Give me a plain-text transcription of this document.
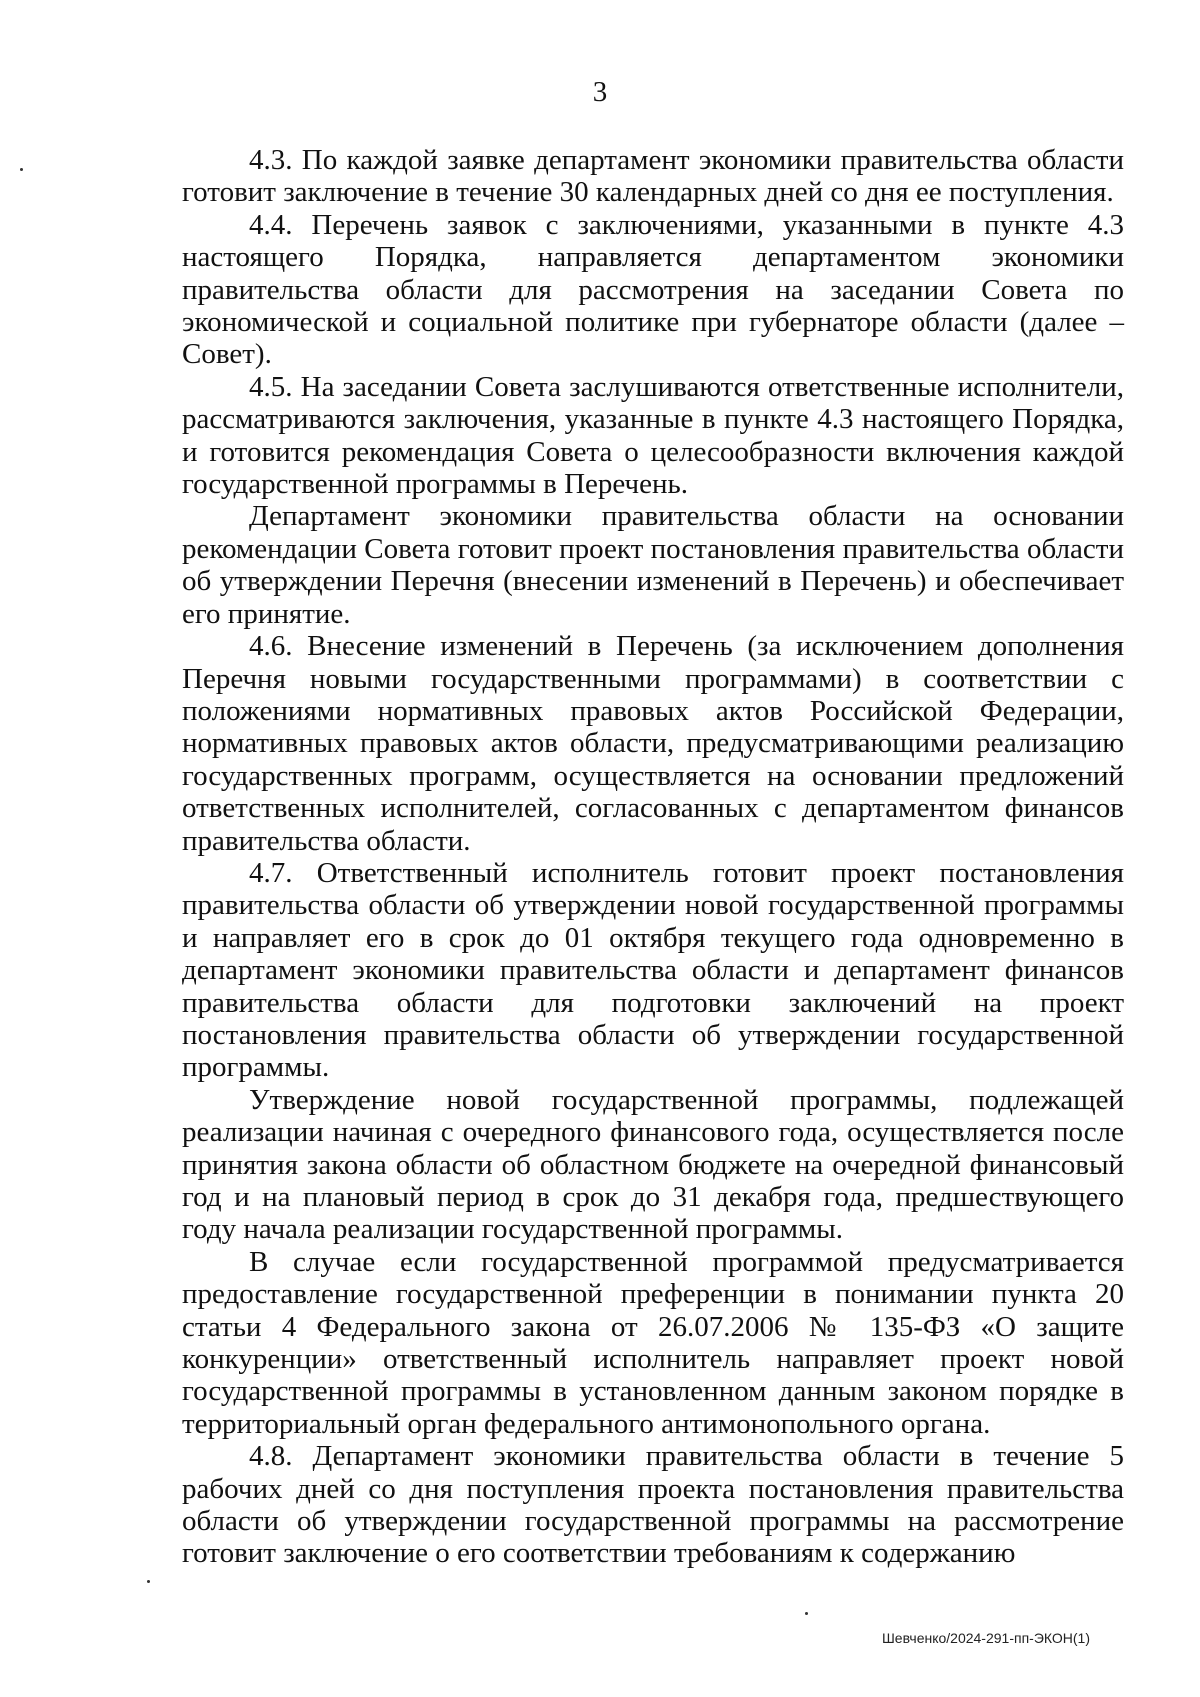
3

4.3. По каждой заявке департамент экономики правительства области готовит заключение в течение 30 календарных дней со дня ее поступления.

4.4. Перечень заявок с заключениями, указанными в пункте 4.3 настоящего Порядка, направляется департаментом экономики правительства области для рассмотрения на заседании Совета по экономической и социальной политике при губернаторе области (далее – Совет).

4.5. На заседании Совета заслушиваются ответственные исполнители, рассматриваются заключения, указанные в пункте 4.3 настоящего Порядка, и готовится рекомендация Совета о целесообразности включения каждой государственной программы в Перечень.

Департамент экономики правительства области на основании рекомендации Совета готовит проект постановления правительства области об утверждении Перечня (внесении изменений в Перечень) и обеспечивает его принятие.

4.6. Внесение изменений в Перечень (за исключением дополнения Перечня новыми государственными программами) в соответствии с положениями нормативных правовых актов Российской Федерации, нормативных правовых актов области, предусматривающими реализацию государственных программ, осуществляется на основании предложений ответственных исполнителей, согласованных с департаментом финансов правительства области.

4.7. Ответственный исполнитель готовит проект постановления правительства области об утверждении новой государственной программы и направляет его в срок до 01 октября текущего года одновременно в департамент экономики правительства области и департамент финансов правительства области для подготовки заключений на проект постановления правительства области об утверждении государственной программы.

Утверждение новой государственной программы, подлежащей реализации начиная с очередного финансового года, осуществляется после принятия закона области об областном бюджете на очередной финансовый год и на плановый период в срок до 31 декабря года, предшествующего году начала реализации государственной программы.

В случае если государственной программой предусматривается предоставление государственной преференции в понимании пункта 20 статьи 4 Федерального закона от 26.07.2006 № 135-ФЗ «О защите конкуренции» ответственный исполнитель направляет проект новой государственной программы в установленном данным законом порядке в территориальный орган федерального антимонопольного органа.

4.8. Департамент экономики правительства области в течение 5 рабочих дней со дня поступления проекта постановления правительства области об утверждении государственной программы на рассмотрение готовит заключение о его соответствии требованиям к содержанию

Шевченко/2024-291-пп-ЭКОН(1)
